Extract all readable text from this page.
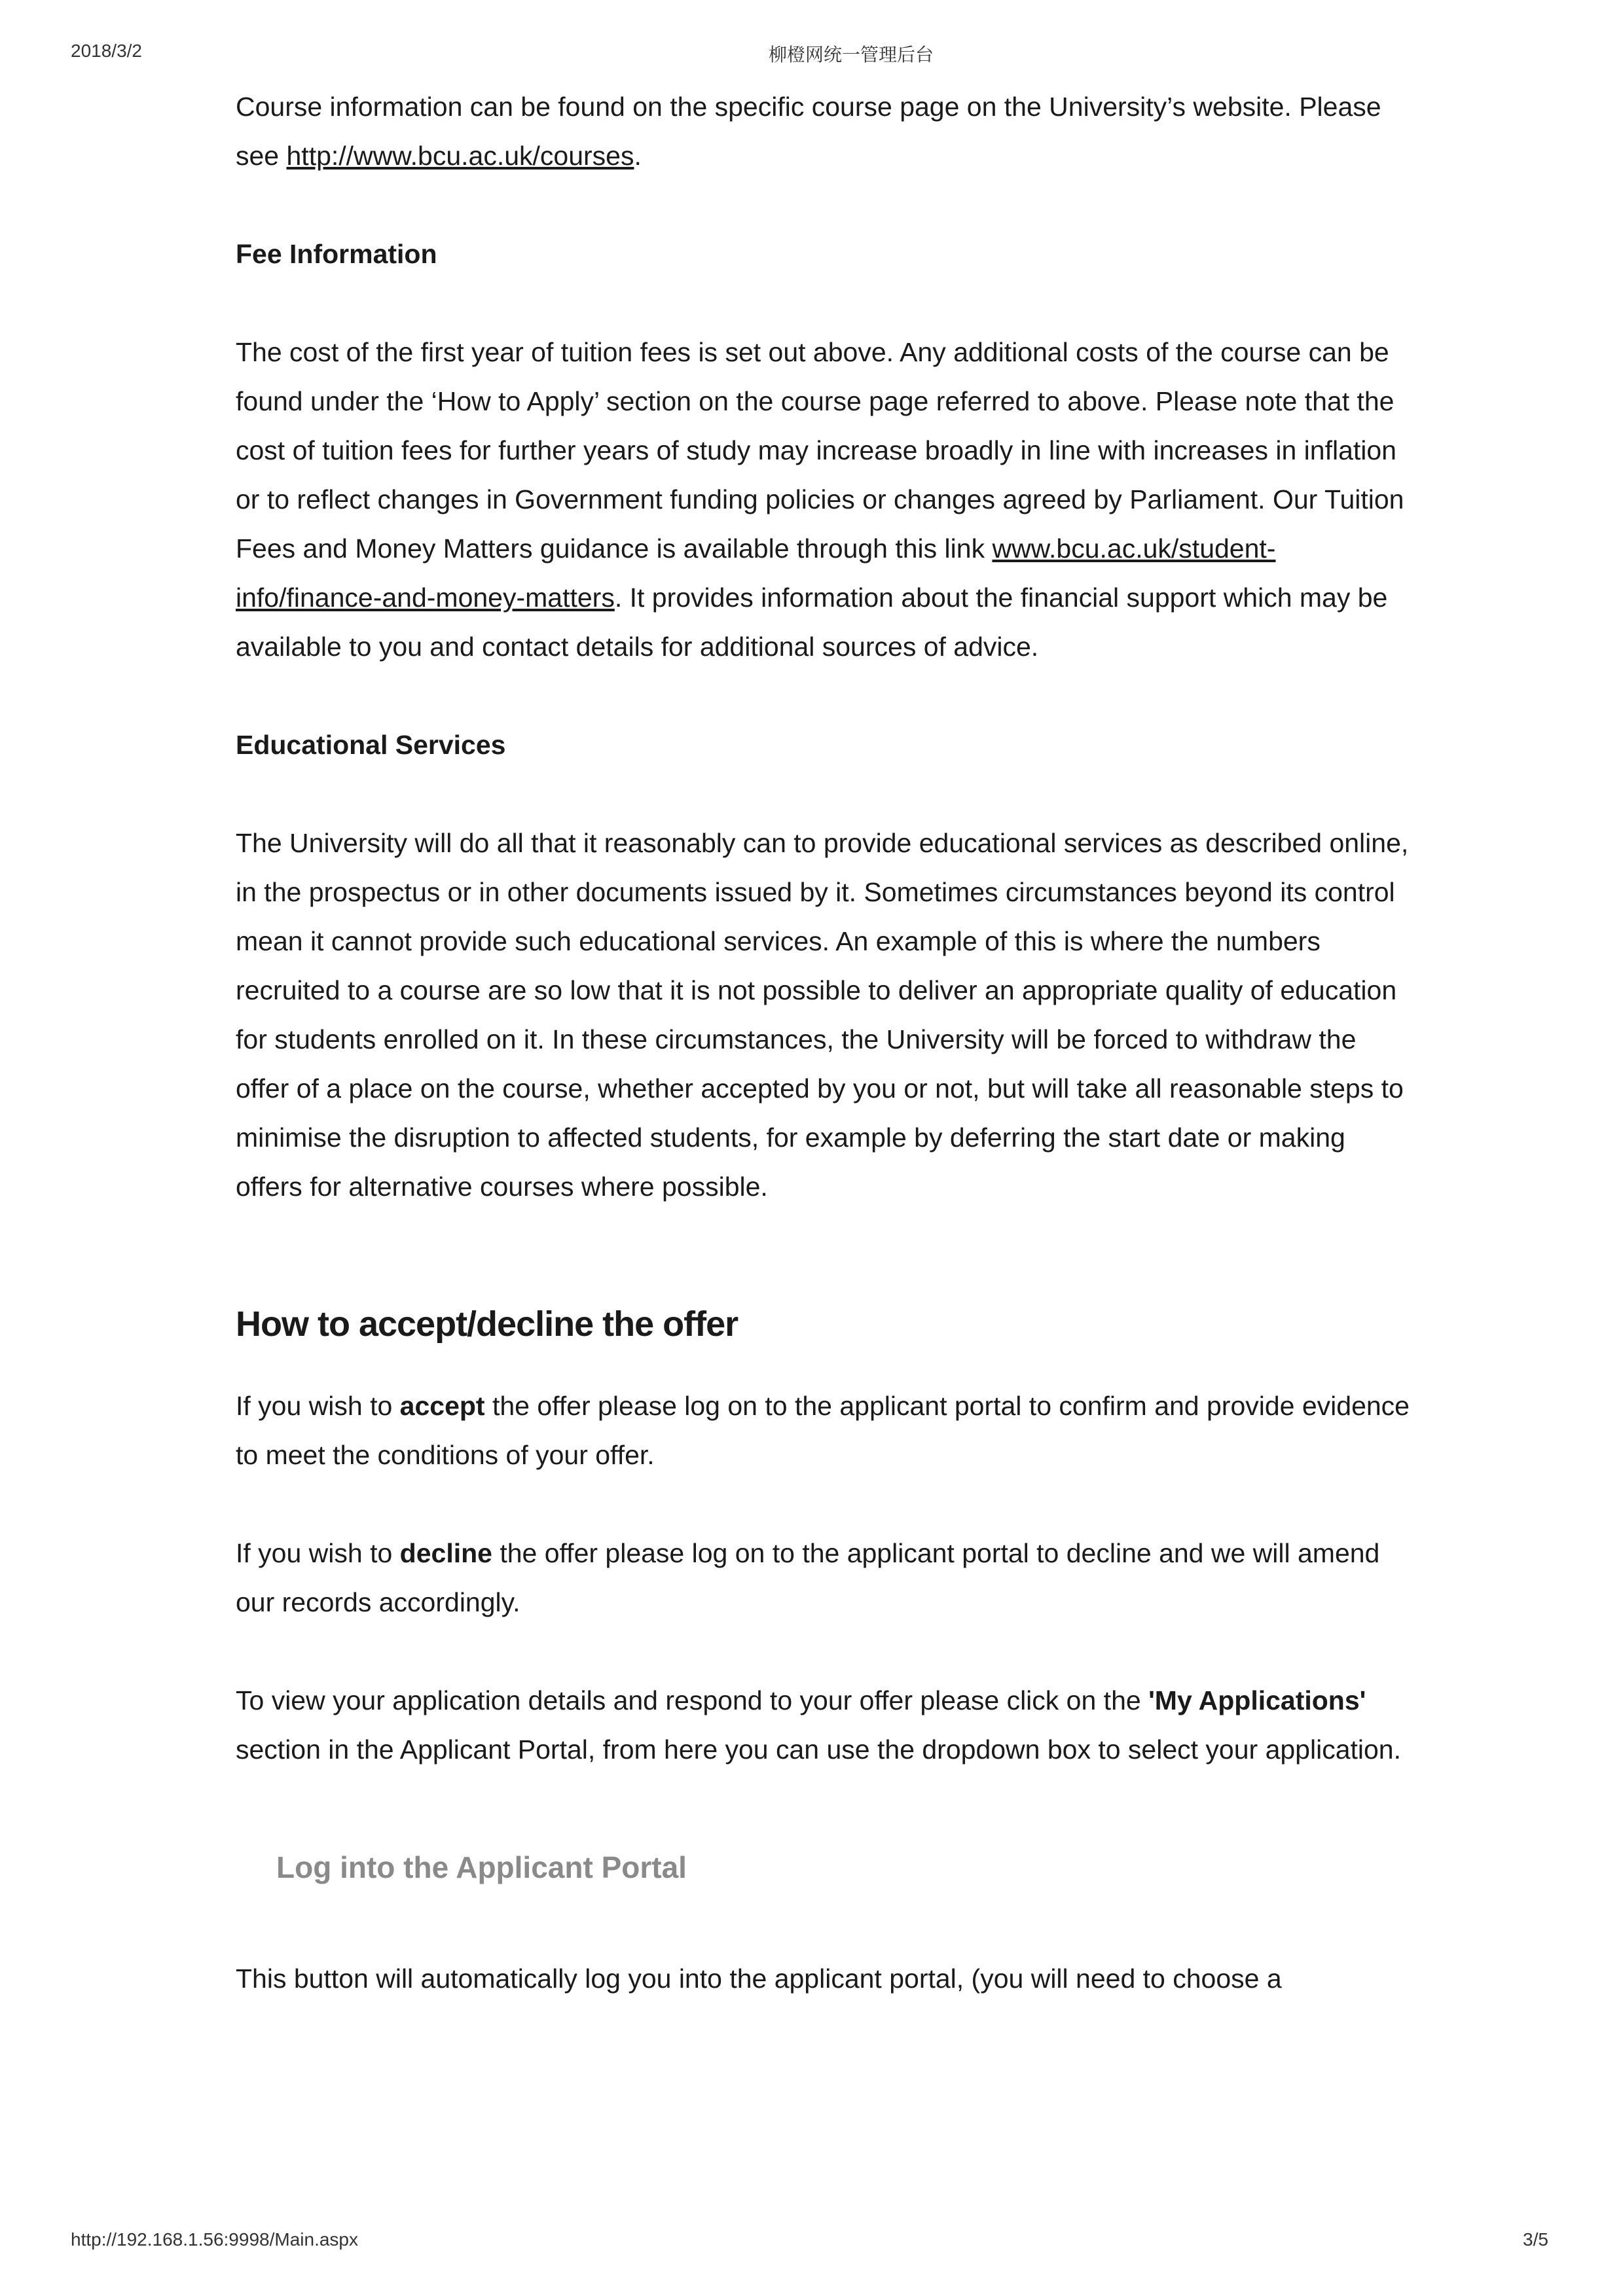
2018/3/2	柳橙网统一管理后台

Course information can be found on the specific course page on the University’s website. Please see http://www.bcu.ac.uk/courses.

Fee Information

The cost of the first year of tuition fees is set out above. Any additional costs of the course can be found under the ‘How to Apply’ section on the course page referred to above. Please note that the cost of tuition fees for further years of study may increase broadly in line with increases in inflation or to reflect changes in Government funding policies or changes agreed by Parliament. Our Tuition Fees and Money Matters guidance is available through this link www.bcu.ac.uk/student-info/finance-and-money-matters. It provides information about the financial support which may be available to you and contact details for additional sources of advice.

Educational Services

The University will do all that it reasonably can to provide educational services as described online, in the prospectus or in other documents issued by it. Sometimes circumstances beyond its control mean it cannot provide such educational services. An example of this is where the numbers recruited to a course are so low that it is not possible to deliver an appropriate quality of education for students enrolled on it. In these circumstances, the University will be forced to withdraw the offer of a place on the course, whether accepted by you or not, but will take all reasonable steps to minimise the disruption to affected students, for example by deferring the start date or making offers for alternative courses where possible.

How to accept/decline the offer

If you wish to accept the offer please log on to the applicant portal to confirm and provide evidence to meet the conditions of your offer.

If you wish to decline the offer please log on to the applicant portal to decline and we will amend our records accordingly.

To view your application details and respond to your offer please click on the 'My Applications' section in the Applicant Portal, from here you can use the dropdown box to select your application.

Log into the Applicant Portal

This button will automatically log you into the applicant portal, (you will need to choose a

http://192.168.1.56:9998/Main.aspx	3/5
